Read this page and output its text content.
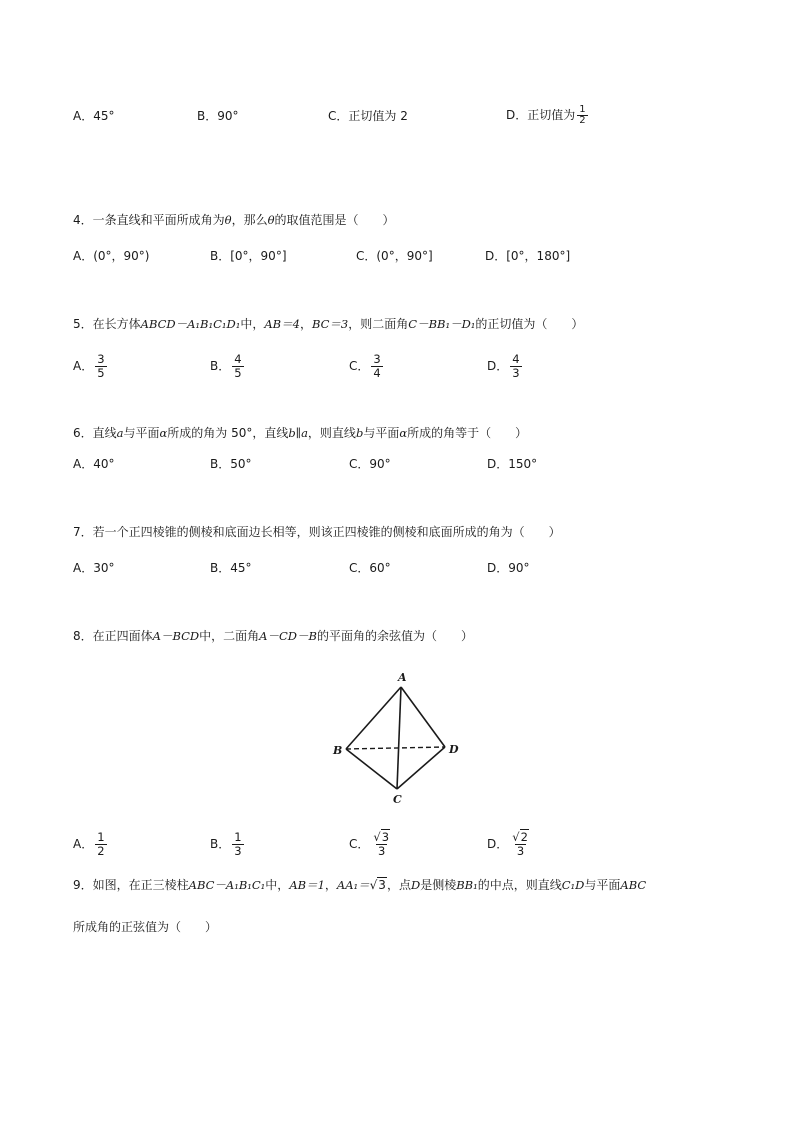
A．45°	B．90°	C．正切值为 2	D．正切值为 $\frac{1}{2}$
4．一条直线和平面所成角为θ，那么θ的取值范围是（　　）
A．(0°，90°)	B．[0°，90°]	C．(0°，90°]	D．[0°，180°]
5．在长方体ABCD－A₁B₁C₁D₁中，AB＝4，BC＝3，则二面角C－BB₁－D₁的正切值为（　　）
A． $\frac{3}{5}$	B． $\frac{4}{5}$	C． $\frac{3}{4}$	D． $\frac{4}{3}$
6．直线a与平面α所成的角为 50°，直线b∥a，则直线b与平面α所成的角等于（　　）
A．40°	B．50°	C．90°	D．150°
7．若一个正四棱锥的侧棱和底面边长相等，则该正四棱锥的侧棱和底面所成的角为（　　）
A．30°	B．45°	C．60°	D．90°
8．在正四面体A－BCD中，二面角A－CD－B的平面角的余弦值为（　　）
A
B
C
D
A． $\frac{1}{2}$	B． $\frac{1}{3}$	C． $\frac{√3}{3}$	D． $\frac{√2}{3}$
9．如图，在正三棱柱ABC－A₁B₁C₁中，AB＝1，AA₁＝√3，点D是侧棱BB₁的中点，则直线C₁D与平面ABC
所成角的正弦值为（　　）
